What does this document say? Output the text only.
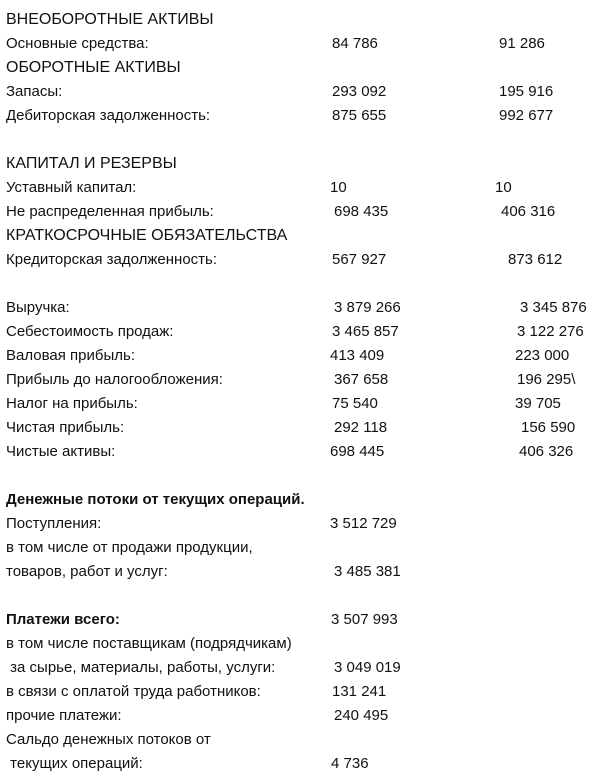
ВНЕОБОРОТНЫЕ АКТИВЫ
Основные средства:	84 786	91 286
ОБОРОТНЫЕ АКТИВЫ
Запасы:	293 092	195 916
Дебиторская задолженность:	875 655	992 677
КАПИТАЛ И РЕЗЕРВЫ
Уставный капитал:	10	10
Не распределенная прибыль:	698 435	406 316
КРАТКОСРОЧНЫЕ ОБЯЗАТЕЛЬСТВА
Кредиторская задолженность:	567 927	873 612
Выручка:	3 879 266	3 345 876
Себестоимость продаж:	3 465 857	3 122 276
Валовая прибыль:	413 409	223 000
Прибыль до налогообложения:	367 658	196 295\
Налог на прибыль:	75 540	39 705
Чистая прибыль:	292 118	156 590
Чистые активы:	698 445	406 326
Денежные потоки от текущих операций.
Поступления:	3 512 729
в том числе от продажи продукции,
товаров, работ и услуг:	3 485 381
Платежи всего:	3 507 993
в том числе поставщикам (подрядчикам)
за сырье, материалы, работы, услуги:	3 049 019
в связи с оплатой труда работников:	131 241
прочие платежи:	240 495
Сальдо денежных потоков от
текущих операций:	4 736
